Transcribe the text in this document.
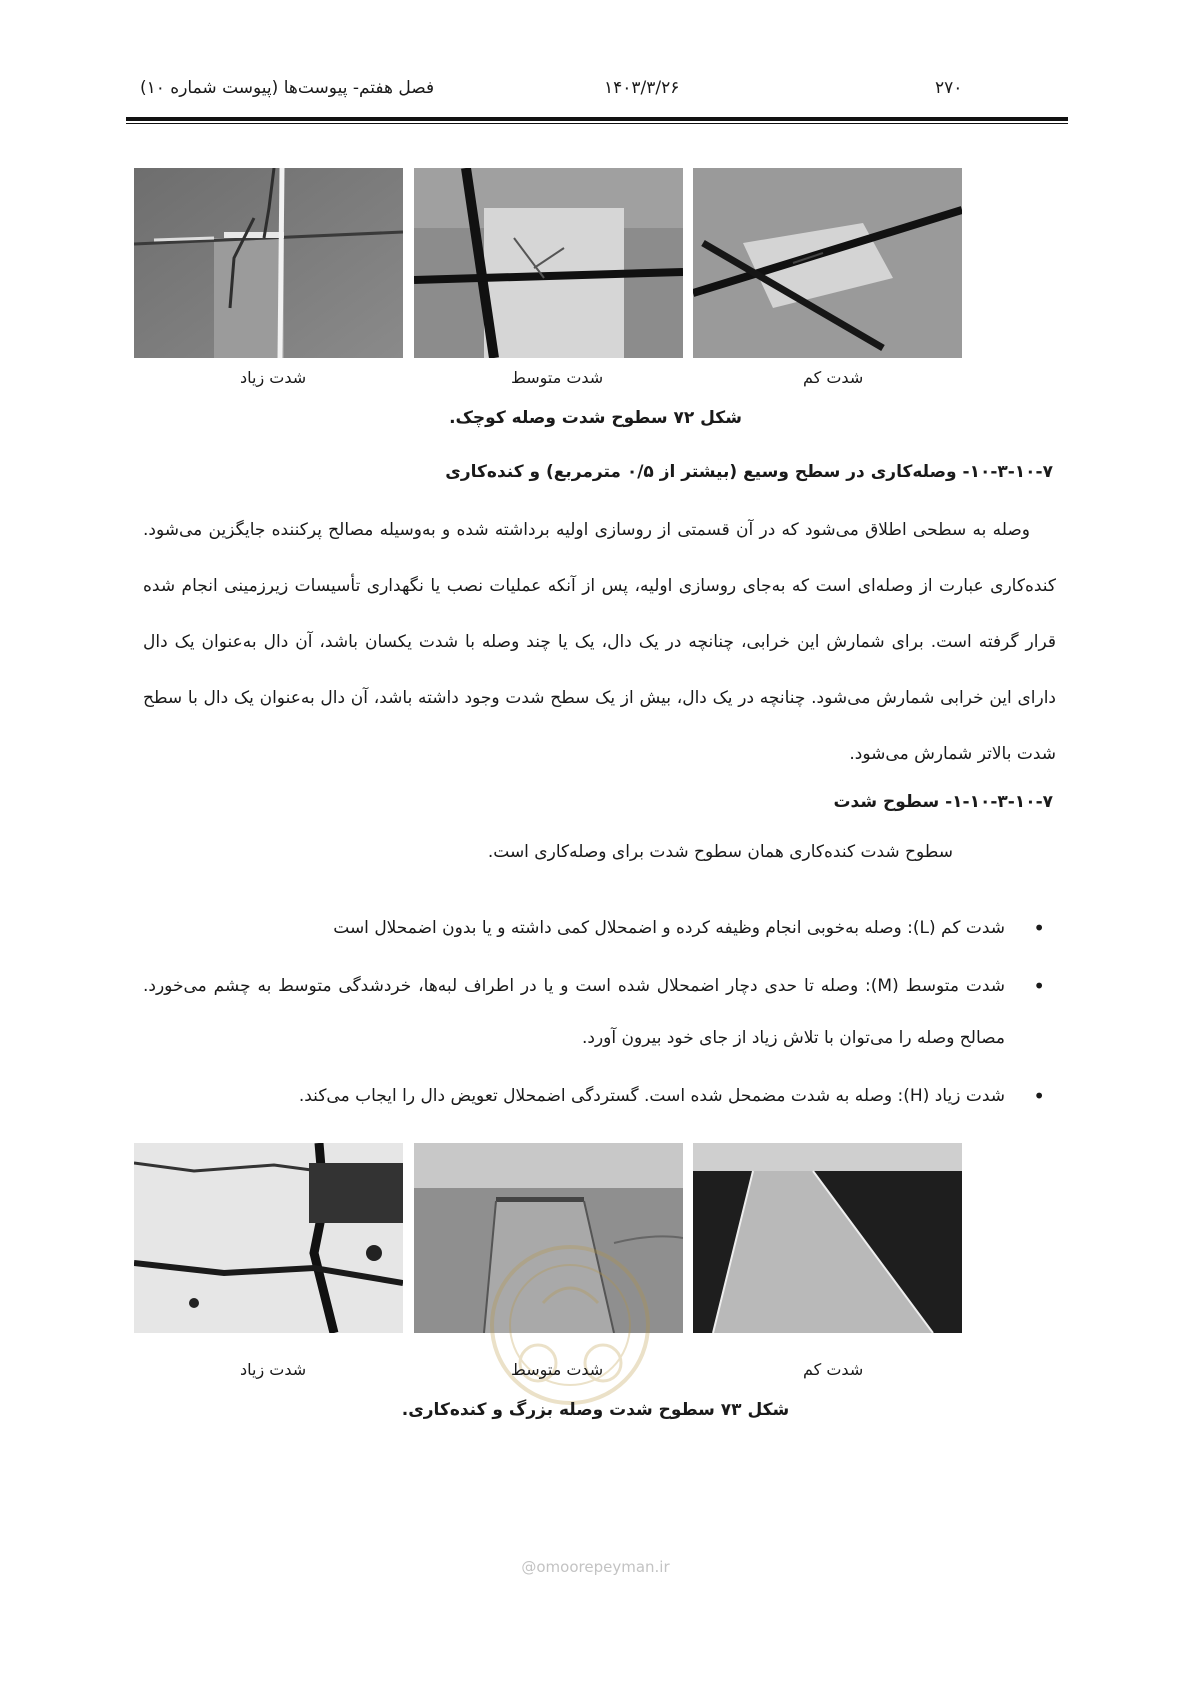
۲۷۰
۱۴۰۳/۳/۲۶
فصل هفتم- پیوست‌ها (پیوست شماره ۱۰)
شدت زیاد	شدت متوسط	شدت کم
شکل ۷۲ سطوح شدت وصله کوچک.
۱۰-۳-۱۰-۷- وصله‌کاری در سطح وسیع (بیشتر از ۰/۵ مترمربع) و کنده‌کاری
وصله به سطحی اطلاق می‌شود که در آن قسمتی از روسازی اولیه برداشته شده و به‌وسیله مصالح پرکننده جایگزین می‌شود. کنده‌کاری عبارت از وصله‌ای است که به‌جای روسازی اولیه، پس از آنکه عملیات نصب یا نگهداری تأسیسات زیرزمینی انجام شده قرار گرفته است. برای شمارش این خرابی، چنانچه در یک دال، یک یا چند وصله با شدت یکسان باشد، آن دال به‌عنوان یک دال دارای این خرابی شمارش می‌شود. چنانچه در یک دال، بیش از یک سطح شدت وجود داشته باشد، آن دال به‌عنوان یک دال با سطح شدت بالاتر شمارش می‌شود.
۱-۱۰-۳-۱۰-۷- سطوح شدت
سطوح شدت کنده‌کاری همان سطوح شدت برای وصله‌کاری است.
•
شدت کم (L): وصله به‌خوبی انجام وظیفه کرده و اضمحلال کمی داشته و یا بدون اضمحلال است
•
شدت متوسط (M): وصله تا حدی دچار اضمحلال شده است و یا در اطراف لبه‌ها، خردشدگی متوسط به چشم می‌خورد. مصالح وصله را می‌توان با تلاش زیاد از جای خود بیرون آورد.
•
شدت زیاد (H): وصله به شدت مضمحل شده است. گستردگی اضمحلال تعویض دال را ایجاب می‌کند.
شدت زیاد	شدت متوسط	شدت کم
شکل ۷۳ سطوح شدت وصله بزرگ و کنده‌کاری.
@omoorepeyman.ir
